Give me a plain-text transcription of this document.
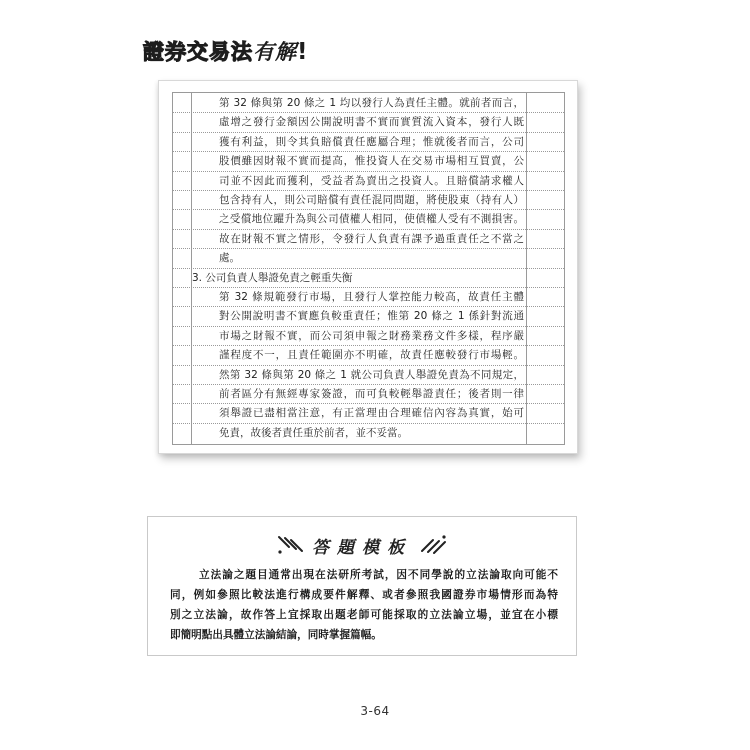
證券交易法有解!
第 32 條與第 20 條之 1 均以發行人為責任主體。就前者而言，
虛增之發行金額因公開說明書不實而實質流入資本，發行人既
獲有利益，則令其負賠償責任應屬合理；惟就後者而言，公司
股價雖因財報不實而提高，惟投資人在交易市場相互買賣，公
司並不因此而獲利，受益者為賣出之投資人。且賠償請求權人
包含持有人，則公司賠償有責任混同問題，將使股東（持有人）
之受償地位躍升為與公司債權人相同，使債權人受有不測損害。
故在財報不實之情形，令發行人負責有課予過重責任之不當之
處。
3. 公司負責人舉證免責之輕重失衡
第 32 條規範發行市場，且發行人掌控能力較高，故責任主體
對公開說明書不實應負較重責任；惟第 20 條之 1 係針對流通
市場之財報不實，而公司須申報之財務業務文件多樣，程序嚴
謹程度不一，且責任範圍亦不明確，故責任應較發行市場輕。
然第 32 條與第 20 條之 1 就公司負責人舉證免責為不同規定，
前者區分有無經專家簽證，而可負較輕舉證責任；後者則一律
須舉證已盡相當注意，有正當理由合理確信內容為真實，始可
免責，故後者責任重於前者，並不妥當。
答題模板
立法論之題目通常出現在法研所考試，因不同學說的立法論取向可能不
同，例如參照比較法進行構成要件解釋、或者參照我國證券市場情形而為特
別之立法論，故作答上宜採取出題老師可能採取的立法論立場，並宜在小標
即簡明點出具體立法論結論，同時掌握篇幅。
3-64
